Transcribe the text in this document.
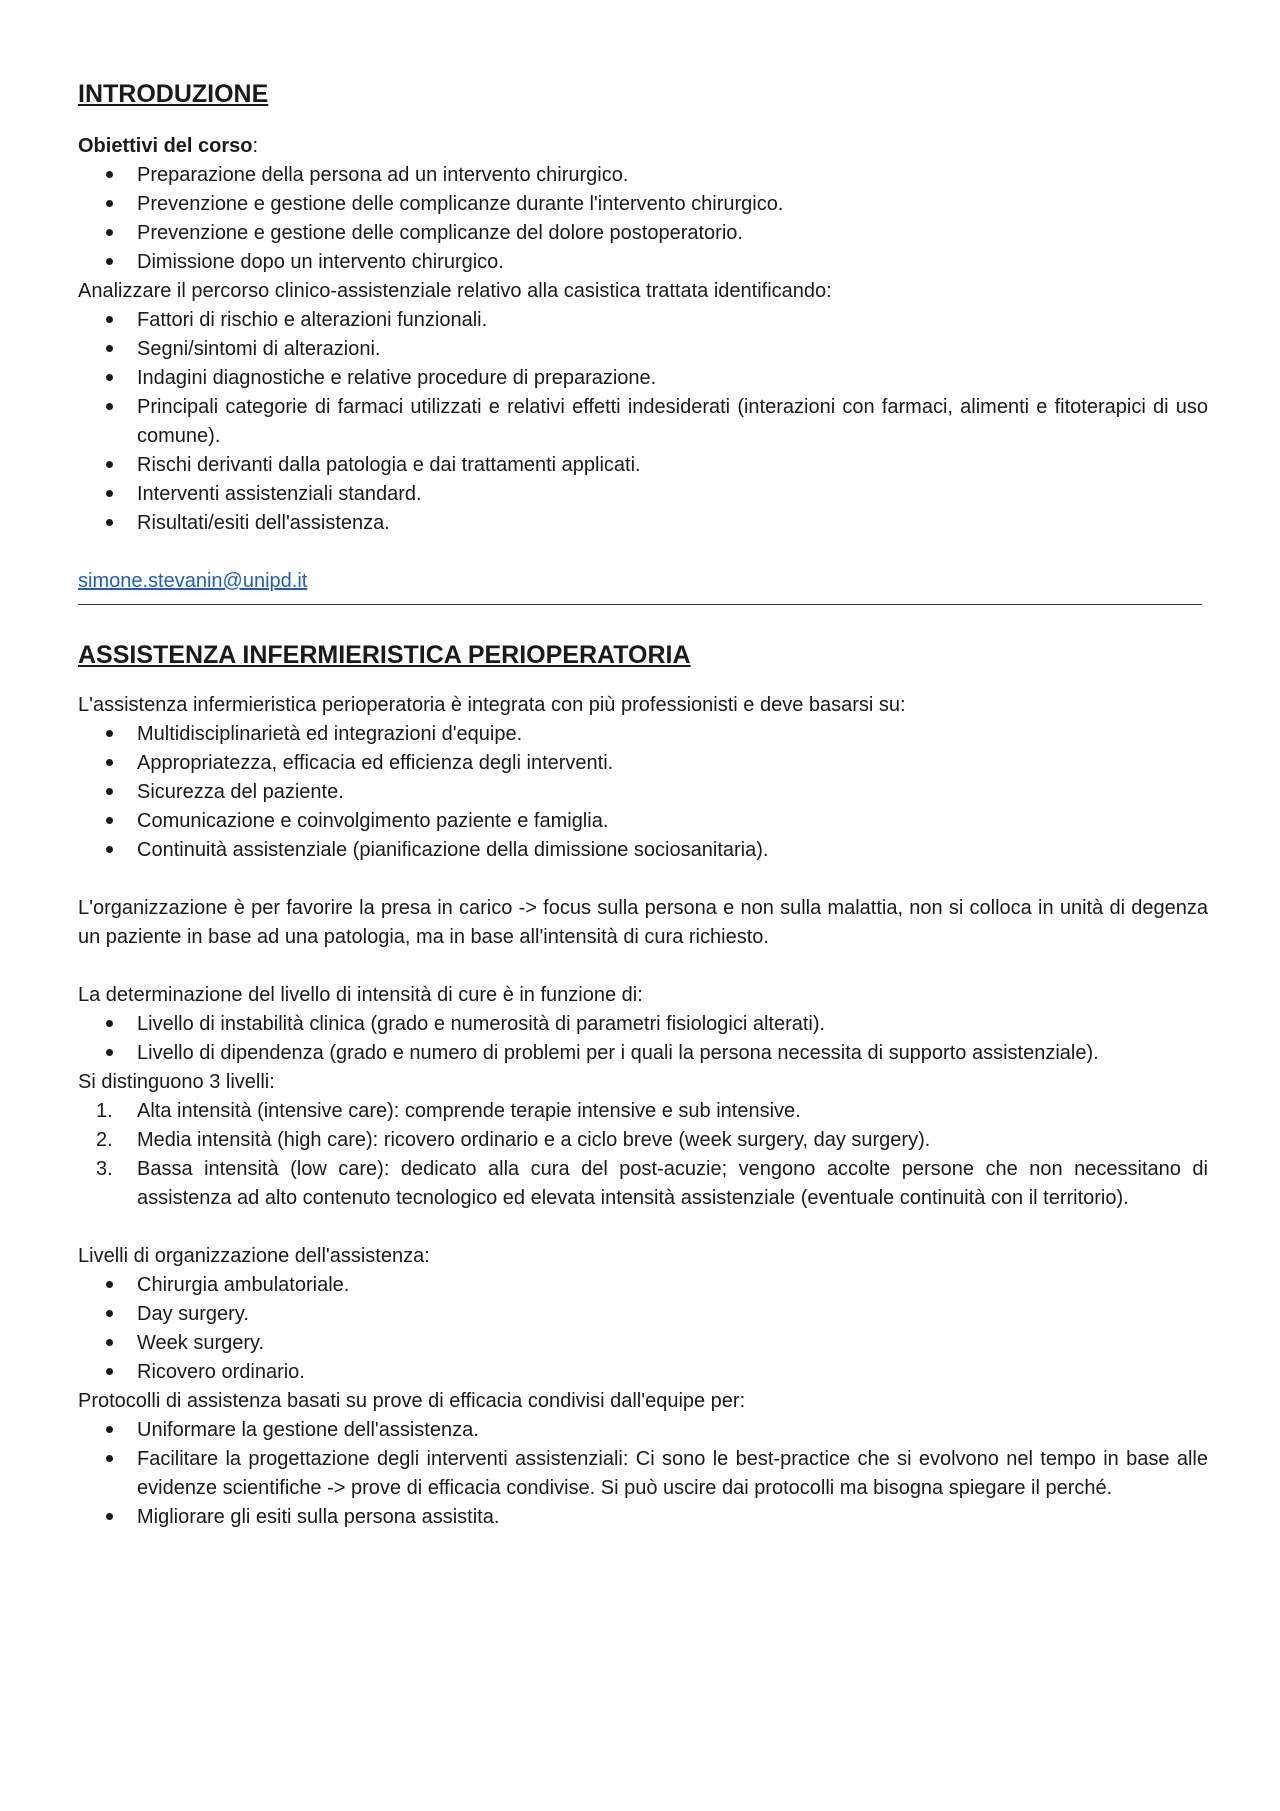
INTRODUZIONE

Obiettivi del corso:

Preparazione della persona ad un intervento chirurgico.
Prevenzione e gestione delle complicanze durante l'intervento chirurgico.
Prevenzione e gestione delle complicanze del dolore postoperatorio.
Dimissione dopo un intervento chirurgico.

Analizzare il percorso clinico-assistenziale relativo alla casistica trattata identificando:

Fattori di rischio e alterazioni funzionali.
Segni/sintomi di alterazioni.
Indagini diagnostiche e relative procedure di preparazione.
Principali categorie di farmaci utilizzati e relativi effetti indesiderati (interazioni con farmaci, alimenti e fitoterapici di uso comune).
Rischi derivanti dalla patologia e dai trattamenti applicati.
Interventi assistenziali standard.
Risultati/esiti dell'assistenza.

simone.stevanin@unipd.it

ASSISTENZA INFERMIERISTICA PERIOPERATORIA

L'assistenza infermieristica perioperatoria è integrata con più professionisti e deve basarsi su:

Multidisciplinarietà ed integrazioni d'equipe.
Appropriatezza, efficacia ed efficienza degli interventi.
Sicurezza del paziente.
Comunicazione e coinvolgimento paziente e famiglia.
Continuità assistenziale (pianificazione della dimissione sociosanitaria).

L'organizzazione è per favorire la presa in carico -> focus sulla persona e non sulla malattia, non si colloca in unità di degenza un paziente in base ad una patologia, ma in base all'intensità di cura richiesto.

La determinazione del livello di intensità di cure è in funzione di:

Livello di instabilità clinica (grado e numerosità di parametri fisiologici alterati).
Livello di dipendenza (grado e numero di problemi per i quali la persona necessita di supporto assistenziale).

Si distinguono 3 livelli:

1.	Alta intensità (intensive care): comprende terapie intensive e sub intensive.
2.	Media intensità (high care): ricovero ordinario e a ciclo breve (week surgery, day surgery).
3.	Bassa intensità (low care): dedicato alla cura del post-acuzie; vengono accolte persone che non necessitano di assistenza ad alto contenuto tecnologico ed elevata intensità assistenziale (eventuale continuità con il territorio).

Livelli di organizzazione dell'assistenza:

Chirurgia ambulatoriale.
Day surgery.
Week surgery.
Ricovero ordinario.

Protocolli di assistenza basati su prove di efficacia condivisi dall'equipe per:

Uniformare la gestione dell'assistenza.
Facilitare la progettazione degli interventi assistenziali: Ci sono le best-practice che si evolvono nel tempo in base alle evidenze scientifiche -> prove di efficacia condivise. Si può uscire dai protocolli ma bisogna spiegare il perché.
Migliorare gli esiti sulla persona assistita.
